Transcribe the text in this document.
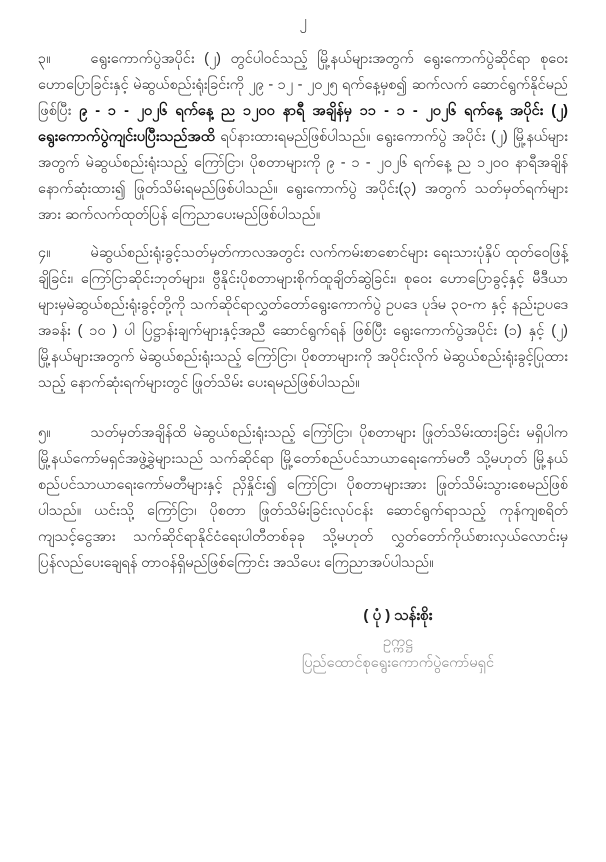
၂

၃။	ရွေးကောက်ပွဲအပိုင်း (၂) တွင်ပါဝင်သည့် မြို့နယ်များအတွက် ရွေးကောက်ပွဲဆိုင်ရာ စုဝေးဟောပြောခြင်းနှင့် မဲဆွယ်စည်းရုံးခြင်းကို ၂၉ - ၁၂ - ၂၀၂၅ ရက်နေ့မှစ၍ ဆက်လက် ဆောင်ရွက်နိုင်မည်ဖြစ်ပြီး ၉ - ၁ - ၂၀၂၆ ရက်နေ့ ည ၁၂၀၀ နာရီ အချိန်မှ ၁၁ - ၁ - ၂၀၂၆ ရက်နေ့ အပိုင်း (၂) ရွေးကောက်ပွဲကျင်းပပြီးသည်အထိ ရပ်နားထားရမည်ဖြစ်ပါသည်။ ရွေးကောက်ပွဲ အပိုင်း (၂) မြို့နယ်များအတွက် မဲဆွယ်စည်းရုံးသည့် ကြော်ငြာ၊ ပိုစတာများကို ၉ - ၁ - ၂၀၂၆ ရက်နေ့ ည ၁၂၀၀ နာရီအချိန် နောက်ဆုံးထား၍ ဖြုတ်သိမ်းရမည်ဖြစ်ပါသည်။ ရွေးကောက်ပွဲ အပိုင်း(၃) အတွက် သတ်မှတ်ရက်များအား ဆက်လက်ထုတ်ပြန် ကြေညာပေးမည်ဖြစ်ပါသည်။

၄။	မဲဆွယ်စည်းရုံးခွင့်သတ်မှတ်ကာလအတွင်း လက်ကမ်းစာစောင်များ ရေးသားပုံနှိပ် ထုတ်ဝေဖြန့်ချိခြင်း၊ ကြော်ငြာဆိုင်းဘုတ်များ၊ ဗွီနိုင်းပိုစတာများစိုက်ထူချိတ်ဆွဲခြင်း၊ စုဝေး ဟောပြောခွင့်နှင့် မီဒီယာများမှမဲဆွယ်စည်းရုံးခွင့်တို့ကို သက်ဆိုင်ရာလွှတ်တော်ရွေးကောက်ပွဲ ဥပဒေ ပုဒ်မ ၃၀-က နှင့် နည်းဥပဒေ အခန်း ( ၁၀ ) ပါ ပြဋ္ဌာန်းချက်များနှင့်အညီ ဆောင်ရွက်ရန် ဖြစ်ပြီး ရွေးကောက်ပွဲအပိုင်း (၁) နှင့် (၂) မြို့နယ်များအတွက် မဲဆွယ်စည်းရုံးသည့် ကြော်ငြာ၊ ပိုစတာများကို အပိုင်းလိုက် မဲဆွယ်စည်းရုံးခွင့်ပြုထားသည့် နောက်ဆုံးရက်များတွင် ဖြုတ်သိမ်း ပေးရမည်ဖြစ်ပါသည်။

၅။	သတ်မှတ်အချိန်ထိ မဲဆွယ်စည်းရုံးသည့် ကြော်ငြာ၊ ပိုစတာများ ဖြုတ်သိမ်းထားခြင်း မရှိပါက မြို့နယ်ကော်မရှင်အဖွဲ့ခွဲများသည် သက်ဆိုင်ရာ မြို့တော်စည်ပင်သာယာရေးကော်မတီ သို့မဟုတ် မြို့နယ်စည်ပင်သာယာရေးကော်မတီများနှင့် ညှိနှိုင်း၍ ကြော်ငြာ၊ ပိုစတာများအား ဖြုတ်သိမ်းသွားစေမည်ဖြစ်ပါသည်။ ယင်းသို့ ကြော်ငြာ၊ ပိုစတာ ဖြုတ်သိမ်းခြင်းလုပ်ငန်း ဆောင်ရွက်ရာသည့် ကုန်ကျစရိတ်ကျသင့်ငွေအား သက်ဆိုင်ရာနိုင်ငံရေးပါတီတစ်ခုခု သို့မဟုတ် လွှတ်တော်ကိုယ်စားလှယ်လောင်းမှ ပြန်လည်ပေးချေရန် တာဝန်ရှိမည်ဖြစ်ကြောင်း အသိပေး ကြေညာအပ်ပါသည်။

( ပုံ ) သန်းစိုး
ဥက္ကဋ္ဌ
ပြည်ထောင်စုရွေးကောက်ပွဲကော်မရှင်
